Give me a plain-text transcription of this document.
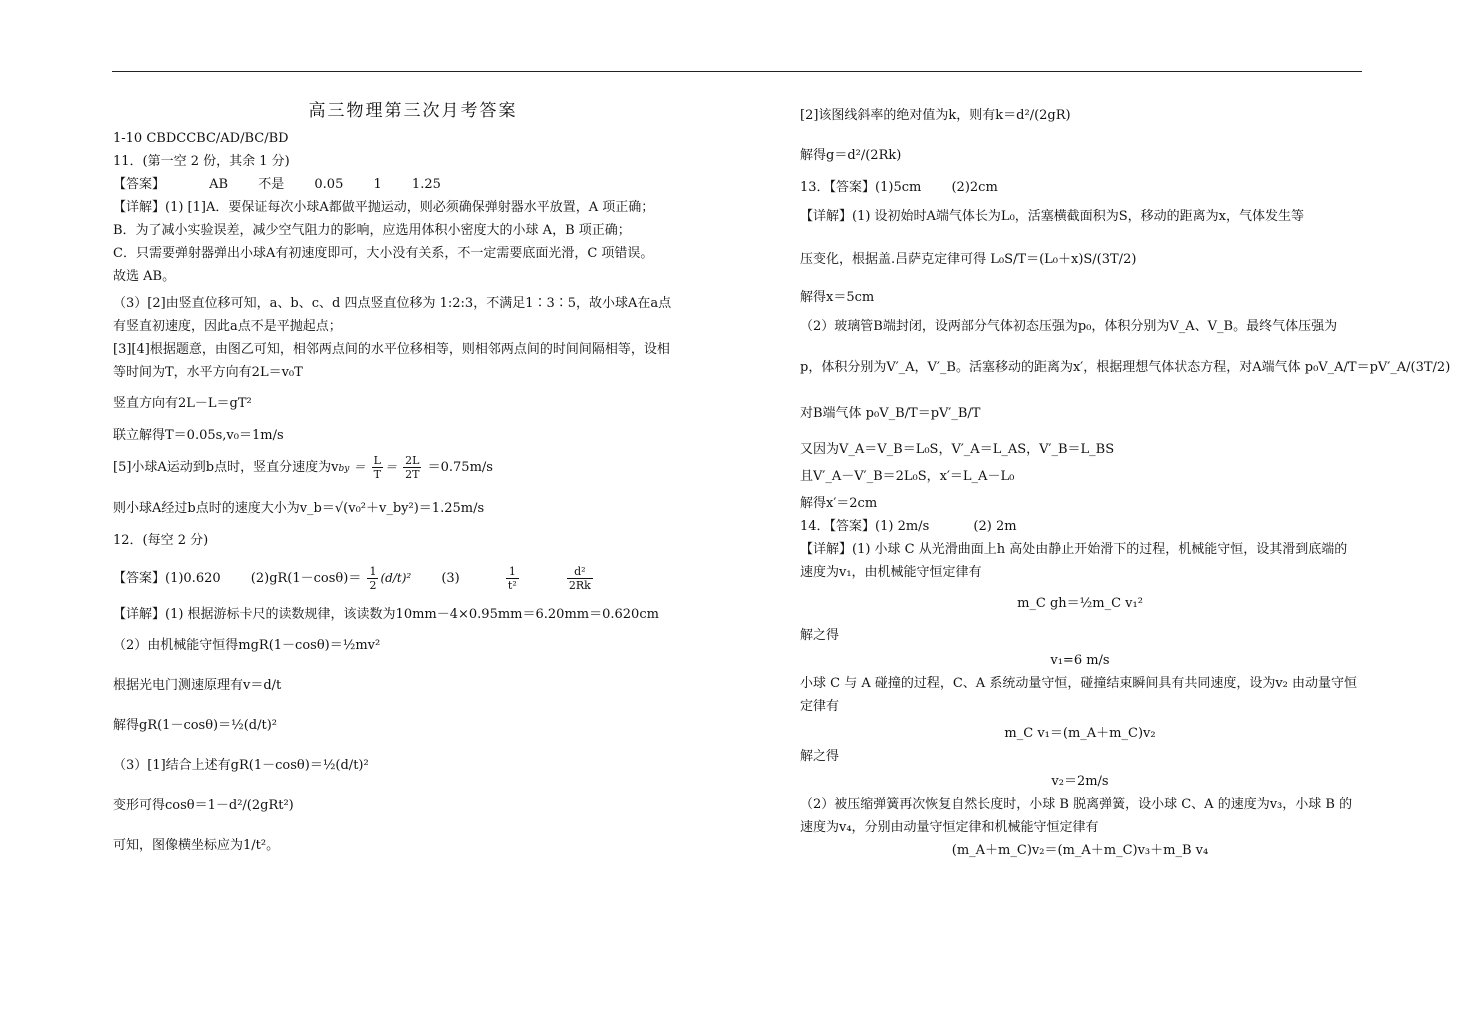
高三物理第三次月考答案
1-10 CBDCCBC/AD/BC/BD
11．(第一空 2 份，其余 1 分)
【答案】	AB 不是 0.05 1 1.25
【详解】(1) [1]A．要保证每次小球A都做平抛运动，则必须确保弹射器水平放置，A 项正确；
B．为了减小实验误差，减少空气阻力的影响，应选用体积小密度大的小球 A，B 项正确；
C．只需要弹射器弹出小球A有初速度即可，大小没有关系，不一定需要底面光滑，C 项错误。
故选 AB。
（3）[2]由竖直位移可知，a、b、c、d 四点竖直位移为 1:2:3，不满足1∶3∶5，故小球A在a点有竖直初速度，因此a点不是平抛起点；
[3][4]根据题意，由图乙可知，相邻两点间的水平位移相等，则相邻两点间的时间间隔相等，设相等时间为T，水平方向有2L＝v₀T
竖直方向有2L－L＝gT²
联立解得T＝0.05s,v₀＝1m/s
[5]小球A运动到b点时，竖直分速度为vby ＝ $\frac{L}{T} = \frac{2L}{2T} =0.75m/s$
则小球A经过b点时的速度大小为v_b＝√(v₀²＋v_by²)＝1.25m/s
12．(每空 2 分)
【答案】(1)0.620 $(2)gR(1-\cos\theta)= \frac{1}{2} (d/t)^2$ (3)	$\frac{1}{\text{t²}}$
	$\frac{\text{d²}}{2Rk}$
【详解】(1) 根据游标卡尺的读数规律，该读数为10mm－4×0.95mm＝6.20mm＝0.620cm
（2）由机械能守恒得mgR(1－cosθ)＝½mv²
根据光电门测速原理有v＝d/t
解得gR(1－cosθ)＝½(d/t)²
（3）[1]结合上述有gR(1－cosθ)＝½(d/t)²
变形可得cosθ＝1－d²/(2gRt²)
可知，图像横坐标应为1/t²。
[2]该图线斜率的绝对值为k，则有k＝d²/(2gR)
解得g＝d²/(2Rk)
13．【答案】(1)5cm (2)2cm
【详解】(1) 设初始时A端气体长为L₀，活塞横截面积为S，移动的距离为x，气体发生等
压变化，根据盖.吕萨克定律可得 L₀S/T＝(L₀＋x)S/(3T/2)
解得x＝5cm
（2）玻璃管B端封闭，设两部分气体初态压强为p₀，体积分别为V_A、V_B。最终气体压强为
p，体积分别为V′_A，V′_B。活塞移动的距离为x′，根据理想气体状态方程，对A端气体 p₀V_A/T＝pV′_A/(3T/2)
对B端气体 p₀V_B/T＝pV′_B/T
又因为V_A＝V_B＝L₀S，V′_A＝L_AS，V′_B＝L_BS
且V′_A－V′_B＝2L₀S，x′＝L_A－L₀
解得x′＝2cm
14．【答案】(1) 2m/s	(2) 2m
【详解】(1) 小球 C 从光滑曲面上h 高处由静止开始滑下的过程，机械能守恒，设其滑到底端的速度为v₁，由机械能守恒定律有
m_C gh＝½m_C v₁²
解之得
v₁=6 m/s
小球 C 与 A 碰撞的过程，C、A 系统动量守恒，碰撞结束瞬间具有共同速度，设为v₂ 由动量守恒定律有
m_C v₁＝(m_A＋m_C)v₂
解之得
v₂＝2m/s
（2）被压缩弹簧再次恢复自然长度时，小球 B 脱离弹簧，设小球 C、A 的速度为v₃，小球 B 的速度为v₄，分别由动量守恒定律和机械能守恒定律有
(m_A＋m_C)v₂＝(m_A＋m_C)v₃＋m_B v₄
